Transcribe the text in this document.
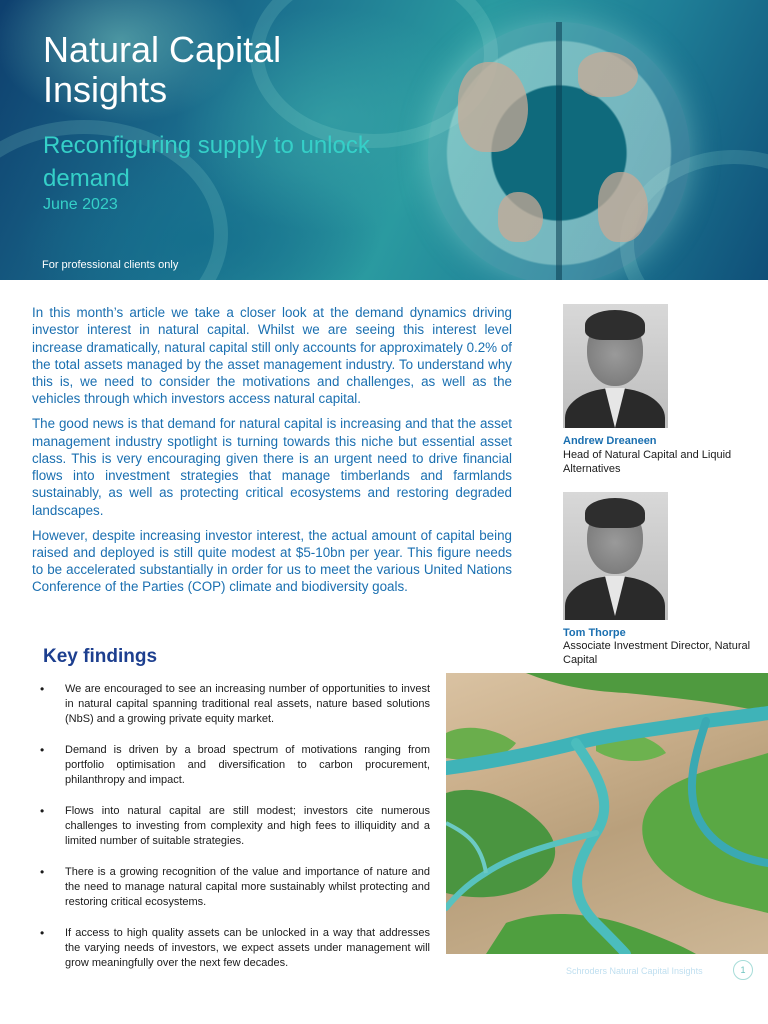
Natural Capital
Insights

Reconfiguring supply to unlock demand

June 2023

For professional clients only

In this month’s article we take a closer look at the demand dynamics driving investor interest in natural capital. Whilst we are seeing this interest level increase dramatically, natural capital still only accounts for approximately 0.2% of the total assets managed by the asset management industry. To understand why this is, we need to consider the motivations and challenges, as well as the vehicles through which investors access natural capital.

The good news is that demand for natural capital is increasing and that the asset management industry spotlight is turning towards this niche but essential asset class. This is very encouraging given there is an urgent need to drive financial flows into investment strategies that manage timberlands and farmlands sustainably, as well as protecting critical ecosystems and restoring degraded landscapes.

However, despite increasing investor interest, the actual amount of capital being raised and deployed is still quite modest at $5-10bn per year. This figure needs to be accelerated substantially in order for us to meet the various United Nations Conference of the Parties (COP) climate and biodiversity goals.

Andrew Dreaneen

Head of Natural Capital and Liquid Alternatives

Tom Thorpe

Associate Investment Director, Natural Capital

Key findings
• We are encouraged to see an increasing number of opportunities to invest in natural capital spanning traditional real assets, nature based solutions (NbS) and a growing private equity market.
• Demand is driven by a broad spectrum of motivations ranging from portfolio optimisation and diversification to carbon procurement, philanthropy and impact.
• Flows into natural capital are still modest; investors cite numerous challenges to investing from complexity and high fees to illiquidity and a limited number of suitable strategies.
• There is a growing recognition of the value and importance of nature and the need to manage natural capital more sustainably whilst protecting and restoring critical ecosystems.
• If access to high quality assets can be unlocked in a way that addresses the varying needs of investors, we expect assets under management will grow meaningfully over the next few decades.

Schroders Natural Capital Insights	1
